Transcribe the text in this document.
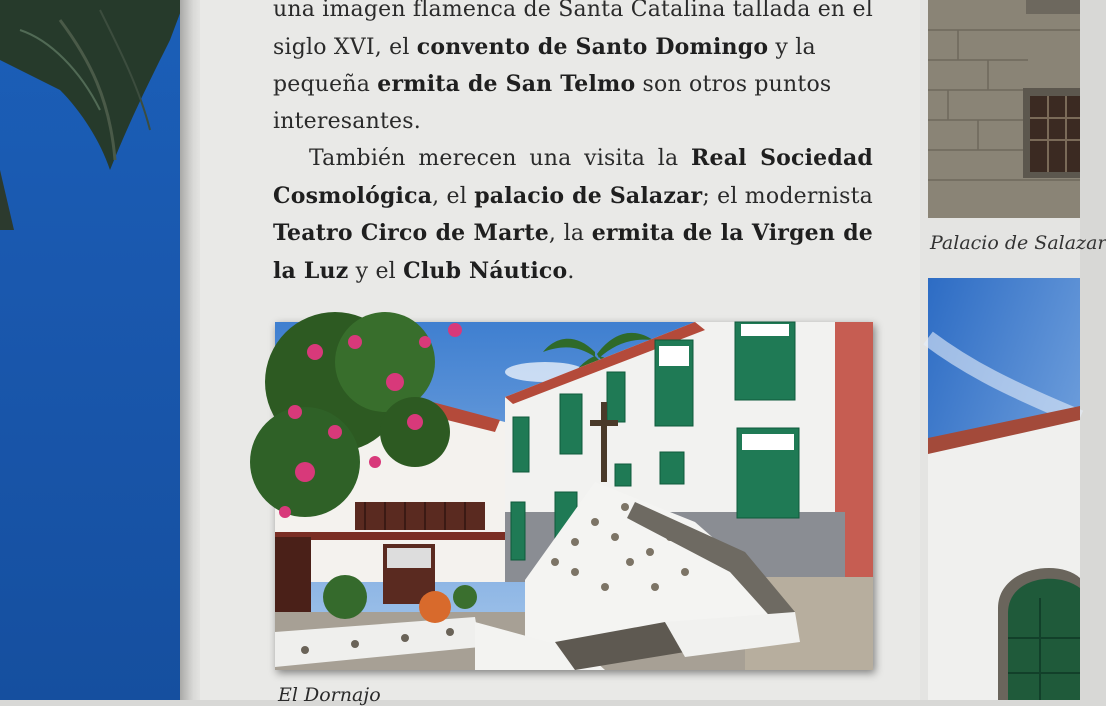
una imagen flamenca de Santa Catalina tallada en el
siglo XVI, el convento de Santo Domingo y la
pequeña ermita de San Telmo son otros puntos
interesantes.

También merecen una visita la Real Sociedad Cosmológica, el palacio de Salazar; el modernista Teatro Circo de Marte, la ermita de la Virgen de la Luz y el Club Náutico.

El Dornajo
Palacio de Salazar
